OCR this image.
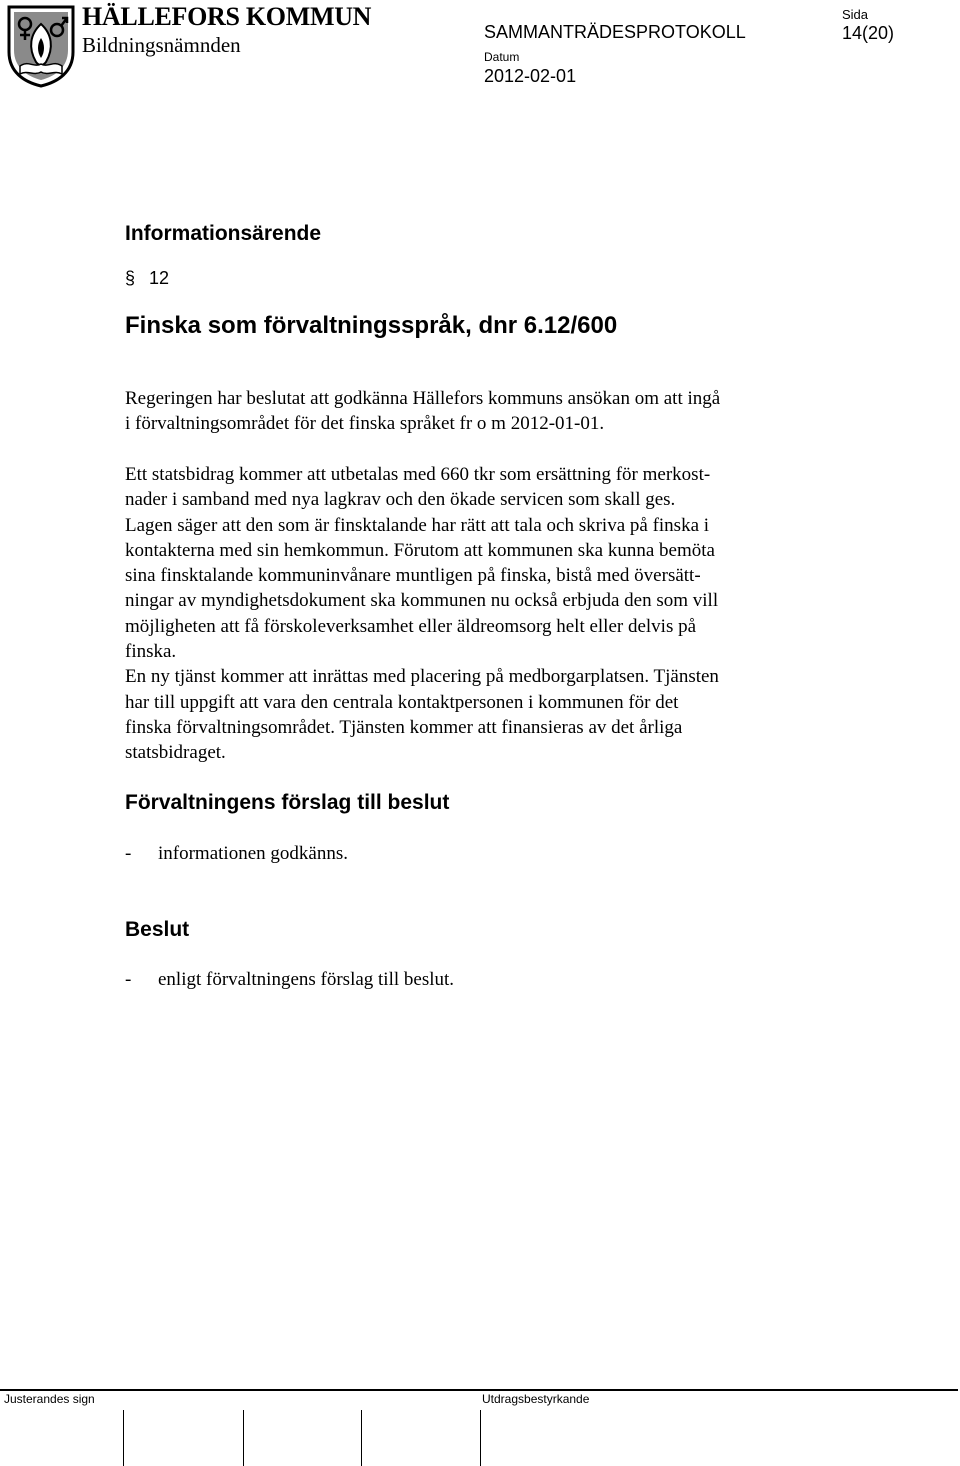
HÄLLEFORS KOMMUN
Bildningsnämnden
SAMMANTRÄDESPROTOKOLL
Sida
14(20)
Datum
2012-02-01
Informationsärende
§ 12
Finska som förvaltningsspråk, dnr 6.12/600

Regeringen har beslutat att godkänna Hällefors kommuns ansökan om att ingå
i förvaltningsområdet för det finska språket fr o m 2012-01-01.

Ett statsbidrag kommer att utbetalas med 660 tkr som ersättning för merkost-
nader i samband med nya lagkrav och den ökade servicen som skall ges.
Lagen säger att den som är finsktalande har rätt att tala och skriva på finska i
kontakterna med sin hemkommun. Förutom att kommunen ska kunna bemöta
sina finsktalande kommuninvånare muntligen på finska, bistå med översätt-
ningar av myndighetsdokument ska kommunen nu också erbjuda den som vill
möjligheten att få förskoleverksamhet eller äldreomsorg helt eller delvis på
finska.
En ny tjänst kommer att inrättas med placering på medborgarplatsen. Tjänsten
har till uppgift att vara den centrala kontaktpersonen i kommunen för det
finska förvaltningsområdet. Tjänsten kommer att finansieras av det årliga
statsbidraget.

Förvaltningens förslag till beslut
- informationen godkänns.
Beslut
- enligt förvaltningens förslag till beslut.
Justerandes sign	Utdragsbestyrkande
